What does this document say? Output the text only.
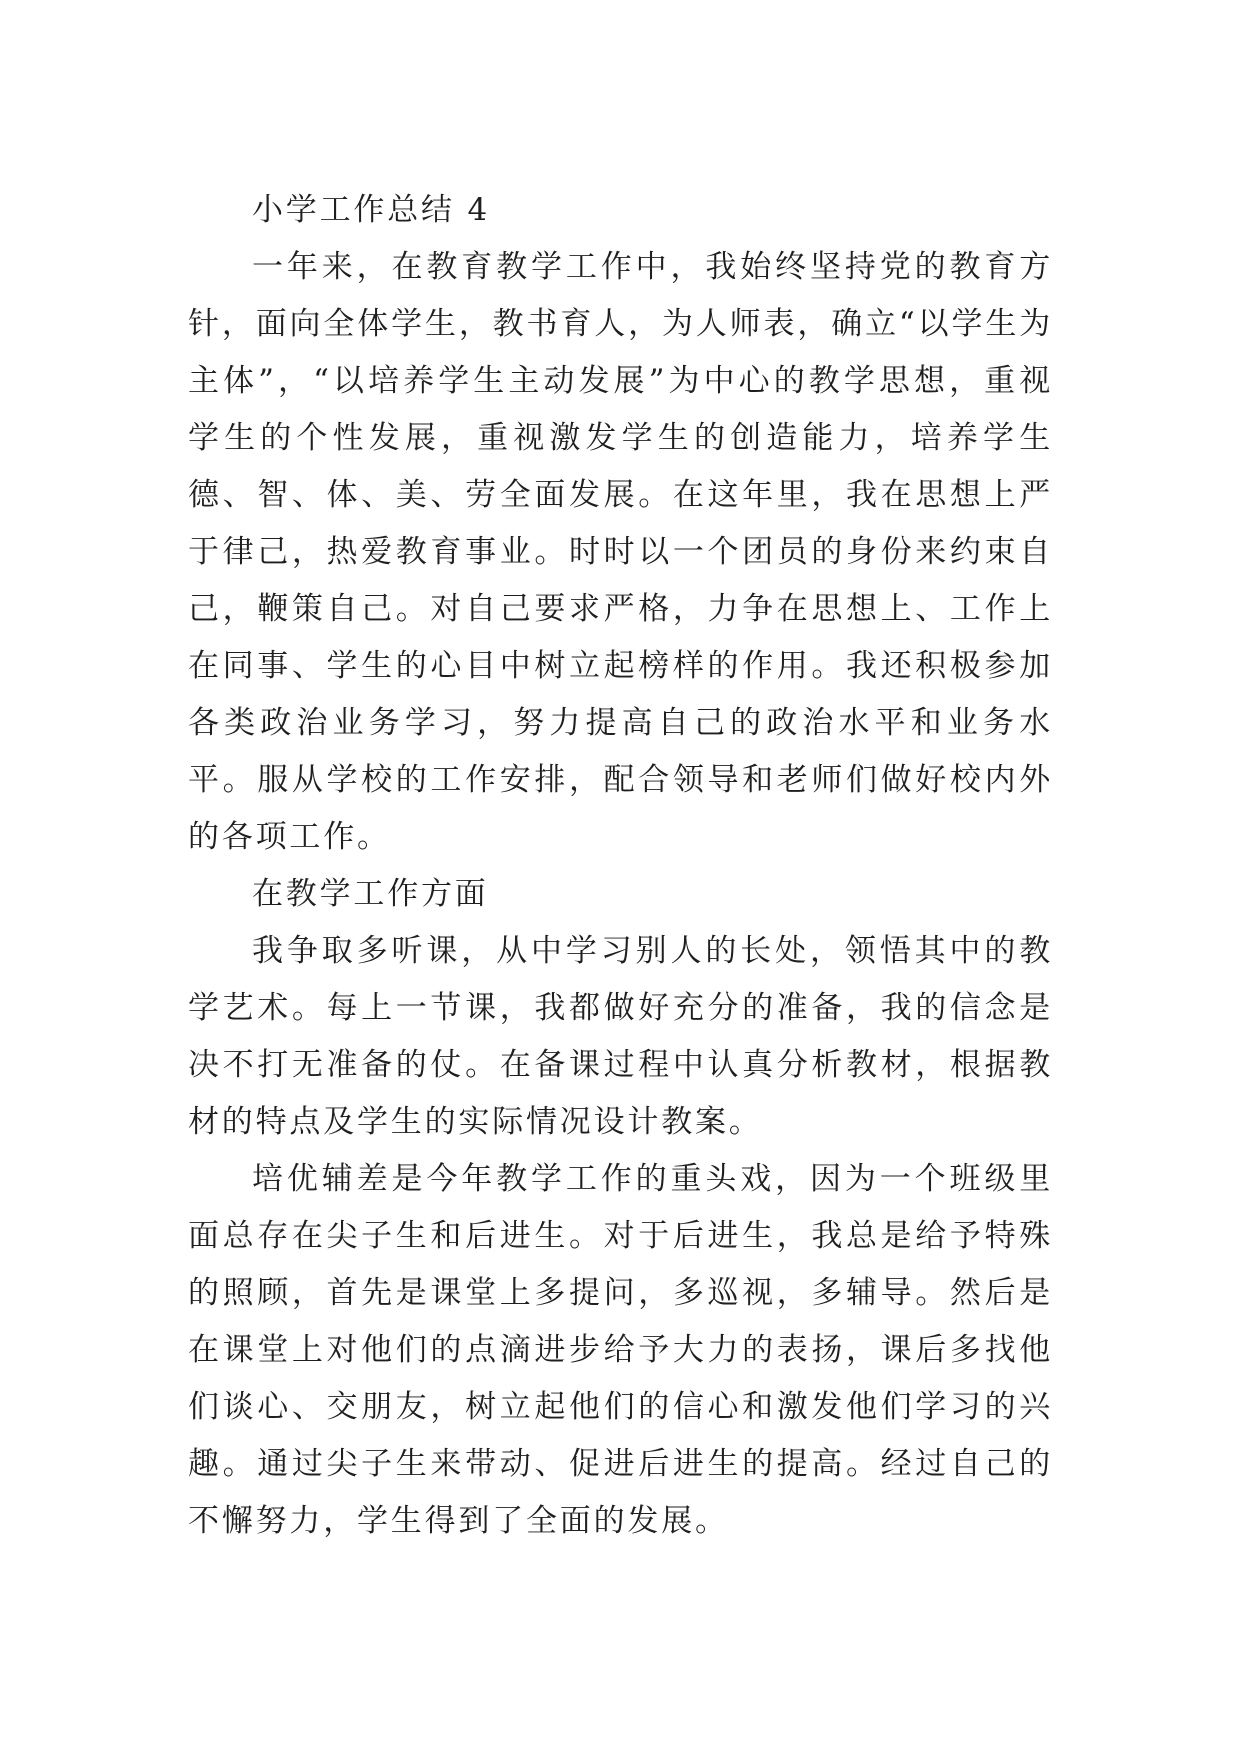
小学工作总结 4

一年来，在教育教学工作中，我始终坚持党的教育方针，面向全体学生，教书育人，为人师表，确立“以学生为主体”，“以培养学生主动发展”为中心的教学思想，重视学生的个性发展，重视激发学生的创造能力，培养学生德、智、体、美、劳全面发展。在这年里，我在思想上严于律己，热爱教育事业。时时以一个团员的身份来约束自己，鞭策自己。对自己要求严格，力争在思想上、工作上在同事、学生的心目中树立起榜样的作用。我还积极参加各类政治业务学习，努力提高自己的政治水平和业务水平。服从学校的工作安排，配合领导和老师们做好校内外的各项工作。

在教学工作方面

我争取多听课，从中学习别人的长处，领悟其中的教学艺术。每上一节课，我都做好充分的准备，我的信念是决不打无准备的仗。在备课过程中认真分析教材，根据教材的特点及学生的实际情况设计教案。

培优辅差是今年教学工作的重头戏，因为一个班级里面总存在尖子生和后进生。对于后进生，我总是给予特殊的照顾，首先是课堂上多提问，多巡视，多辅导。然后是在课堂上对他们的点滴进步给予大力的表扬，课后多找他们谈心、交朋友，树立起他们的信心和激发他们学习的兴趣。通过尖子生来带动、促进后进生的提高。经过自己的不懈努力，学生得到了全面的发展。
